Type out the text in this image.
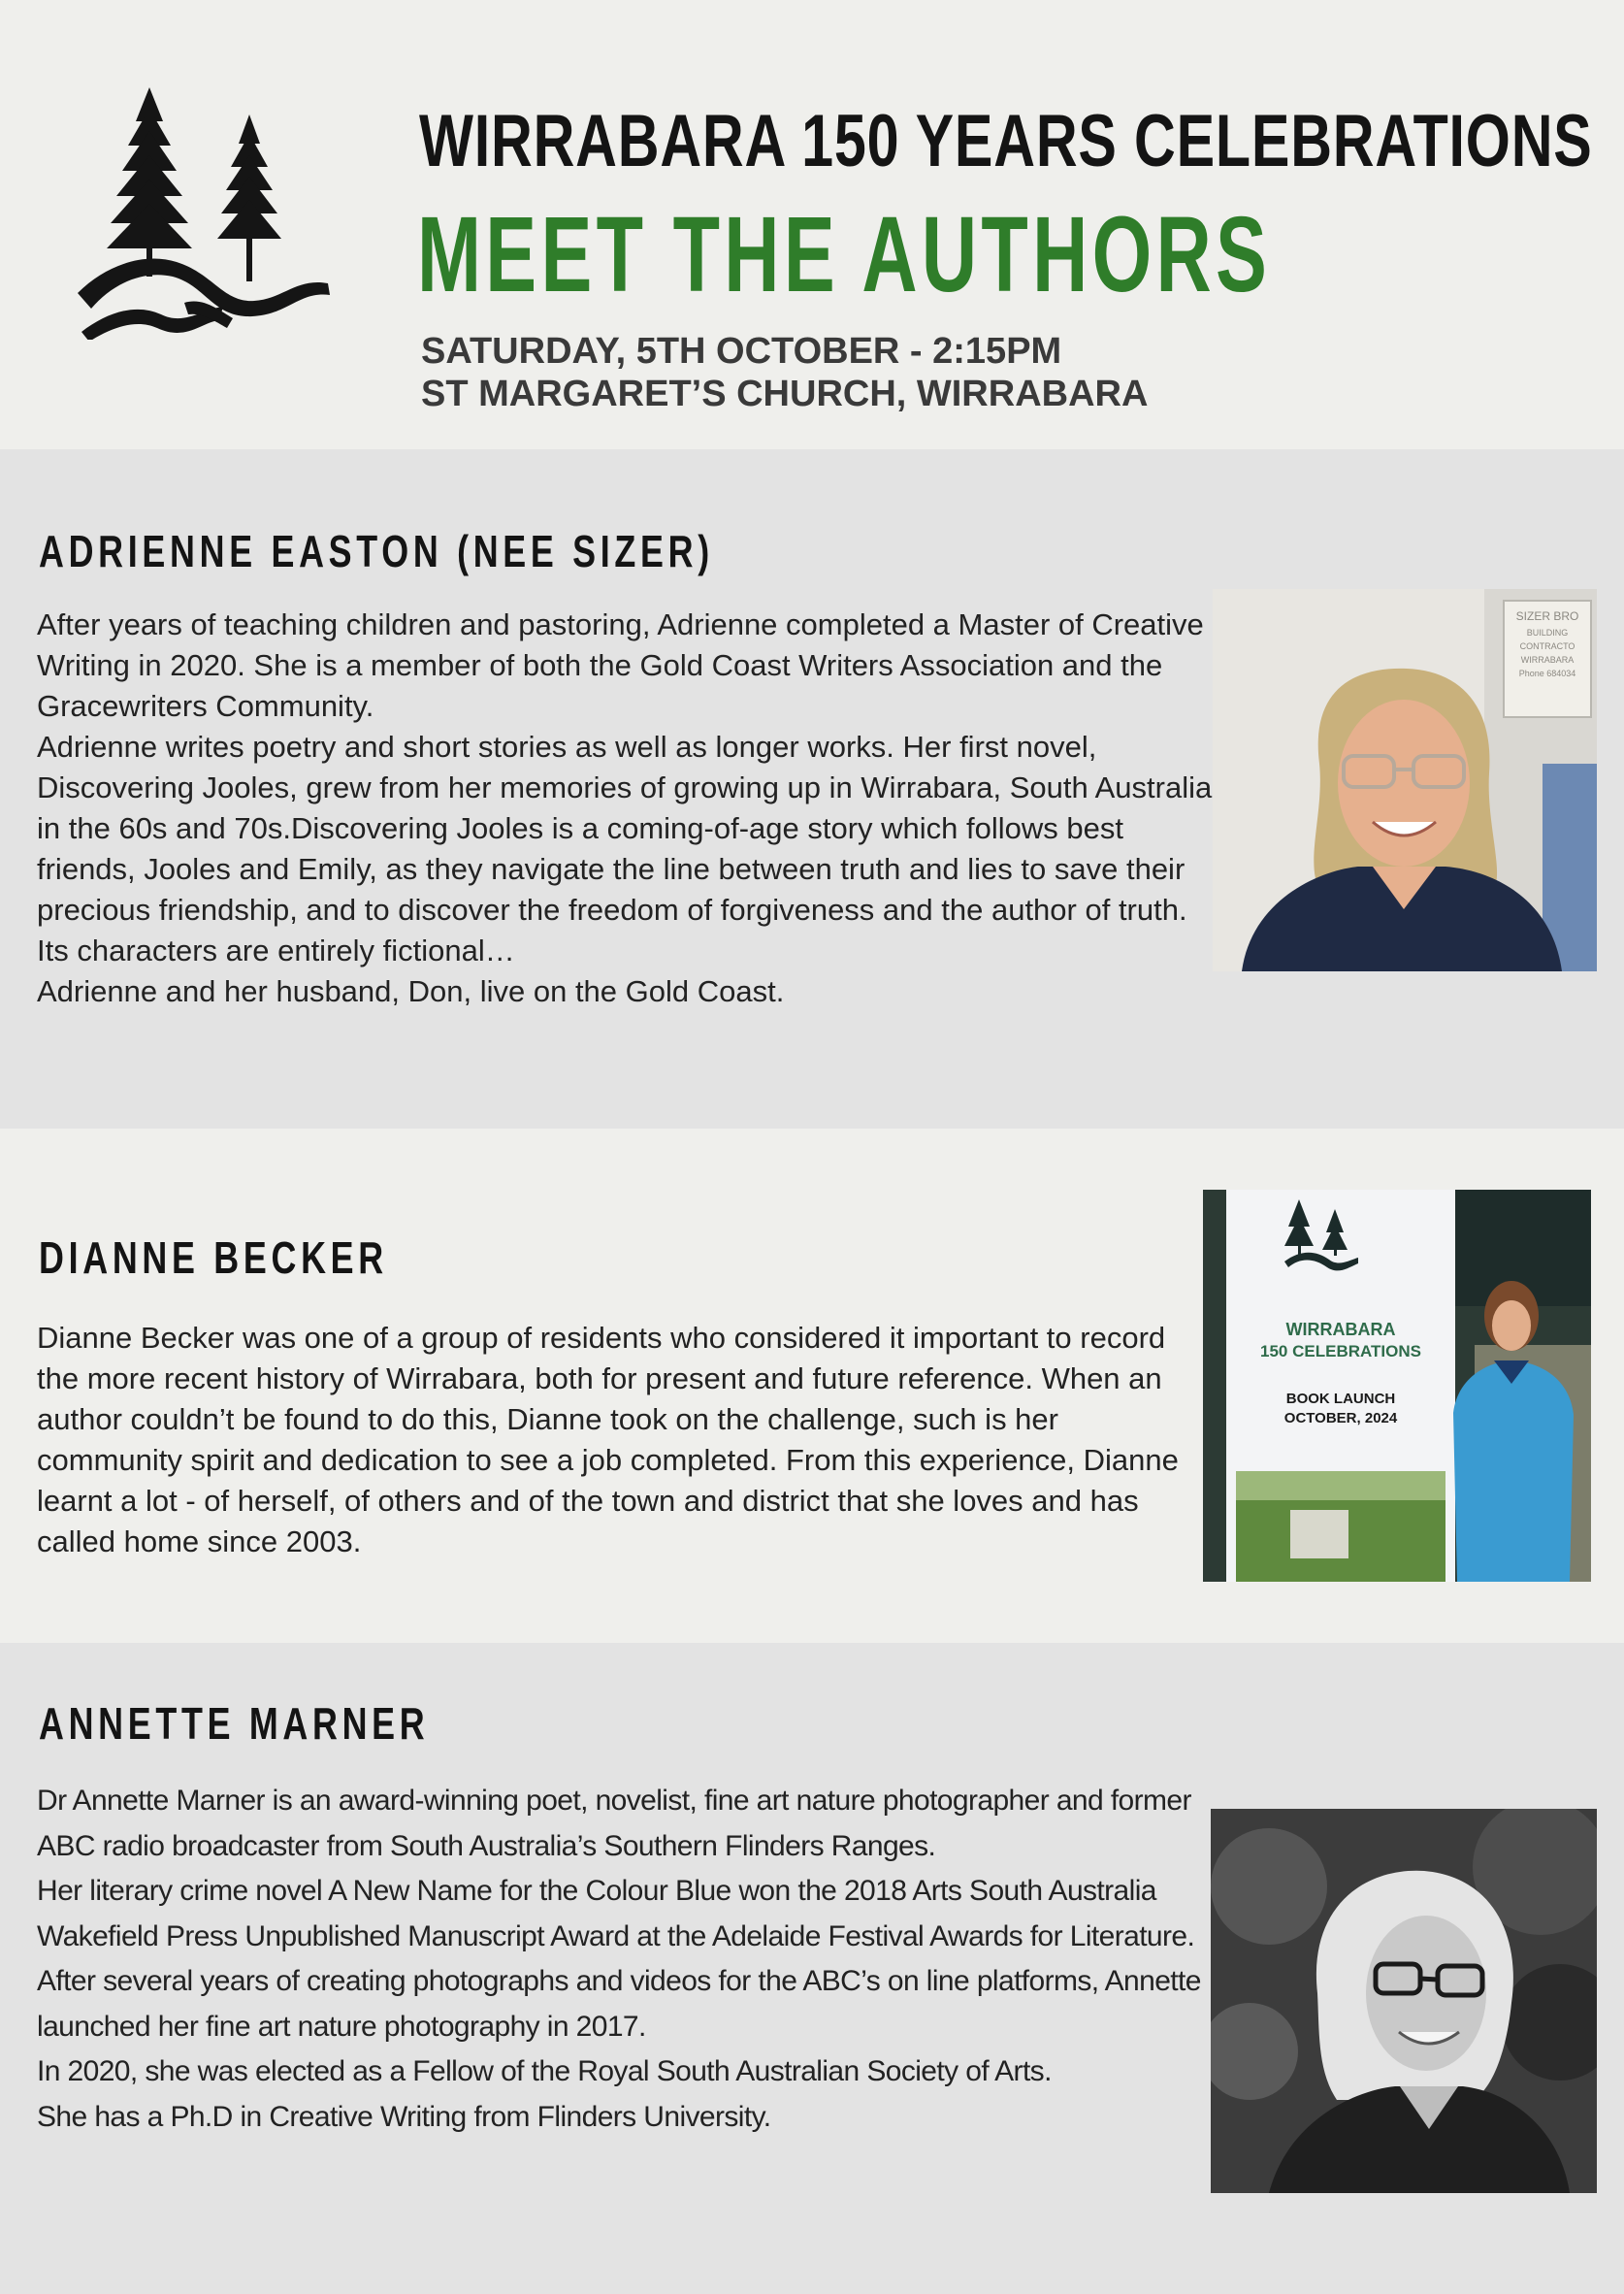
WIRRABARA 150 YEARS CELEBRATIONS
MEET THE AUTHORS
SATURDAY, 5TH OCTOBER - 2:15PM
ST MARGARET’S CHURCH, WIRRABARA
ADRIENNE EASTON (NEE SIZER)

After years of teaching children and pastoring, Adrienne completed a Master of Creative Writing in 2020. She is a member of both the Gold Coast Writers Association and the Gracewriters Community.

Adrienne writes poetry and short stories as well as longer works. Her first novel, Discovering Jooles, grew from her memories of growing up in Wirrabara, South Australia in the 60s and 70s.Discovering Jooles is a coming-of-age story which follows best friends, Jooles and Emily, as they navigate the line between truth and lies to save their precious friendship, and to discover the freedom of forgiveness and the author of truth. Its characters are entirely fictional…

Adrienne and her husband, Don, live on the Gold Coast.

SIZER BRO
BUILDING
CONTRACTO
WIRRABARA
Phone 684034
DIANNE BECKER

Dianne Becker was one of a group of residents who considered it important to record the more recent history of Wirrabara, both for present and future reference. When an author couldn’t be found to do this, Dianne took on the challenge, such is her community spirit and dedication to see a job completed. From this experience, Dianne learnt a lot - of herself, of others and of the town and district that she loves and has called home since 2003.

WIRRABARA
150 CELEBRATIONS
BOOK LAUNCH
OCTOBER, 2024
ANNETTE MARNER

Dr Annette Marner is an award-winning poet, novelist, fine art nature photographer and former ABC radio broadcaster from South Australia’s Southern Flinders Ranges.

Her literary crime novel A New Name for the Colour Blue won the 2018 Arts South Australia Wakefield Press Unpublished Manuscript Award at the Adelaide Festival Awards for Literature.

After several years of creating photographs and videos for the ABC’s on line platforms, Annette launched her fine art nature photography in 2017.

In 2020, she was elected as a Fellow of the Royal South Australian Society of Arts.

She has a Ph.D in Creative Writing from Flinders University.
